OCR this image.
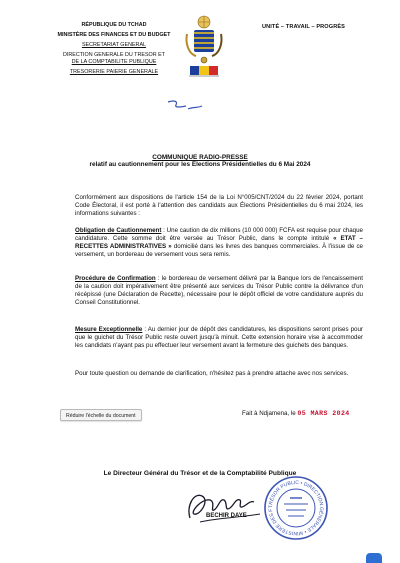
RÉPUBLIQUE DU TCHAD
MINISTÈRE DES FINANCES ET DU BUDGET
SECRETARIAT GENERAL
DIRECTION GENERALE DU TRESOR ET
DE LA COMPTABILITE PUBLIQUE
TRESORERIE PAIERIE GENERALE
UNITÉ – TRAVAIL – PROGRÈS
COMMUNIQUE RADIO-PRESSE
relatif au cautionnement pour les Élections Présidentielles du 6 Mai 2024
Conformément aux dispositions de l'article 154 de la Loi N°005/CNT/2024 du 22 février 2024, portant Code Électoral, il est porté à l'attention des candidats aux Élections Présidentielles du 6 mai 2024, les informations suivantes :
Obligation de Cautionnement : Une caution de dix millions (10 000 000) FCFA est requise pour chaque candidature. Cette somme doit être versée au Trésor Public, dans le compte intitulé « ETAT – RECETTES ADMINISTRATIVES » domicilié dans les livres des banques commerciales. À l'issue de ce versement, un bordereau de versement vous sera remis.
Procédure de Confirmation : le bordereau de versement délivré par la Banque lors de l'encaissement de la caution doit impérativement être présenté aux services du Trésor Public contre la délivrance d'un récépissé (une Déclaration de Recette), nécessaire pour le dépôt officiel de votre candidature auprès du Conseil Constitutionnel.
Mesure Exceptionnelle : Au dernier jour de dépôt des candidatures, les dispositions seront prises pour que le guichet du Trésor Public reste ouvert jusqu'à minuit. Cette extension horaire vise à accommoder les candidats n'ayant pas pu effectuer leur versement avant la fermeture des guichets des banques.
Pour toute question ou demande de clarification, n'hésitez pas à prendre attache avec nos services.
Réduire l'échelle du document	Fait à Ndjamena, le 05 MARS 2024
Le Directeur Général du Trésor et de la Comptabilité Publique
BECHIR DAYE
TRÉSOR PUBLIC • DIRECTION GÉNÉRALE • MINISTÈRE DES F
